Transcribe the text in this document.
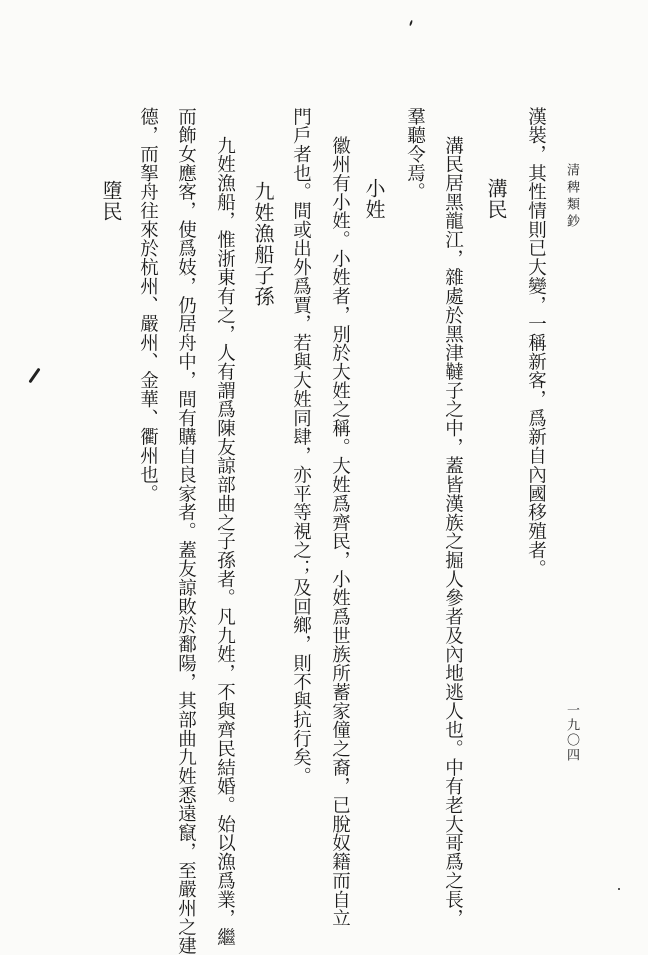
清稗類鈔
一九〇四
漢裝，其性情則已大變，一稱新客，爲新自內國移殖者。
溝民
溝民居黑龍江，雜處於黑津韃子之中，蓋皆漢族之掘人參者及內地逃人也。中有老大哥爲之長，
羣聽令焉。
小姓
徽州有小姓。小姓者，別於大姓之稱。大姓爲齊民，小姓爲世族所蓄家僮之裔，已脫奴籍而自立
門戶者也。間或出外爲賈，若與大姓同肆，亦平等視之；及回鄉，則不與抗行矣。
九姓漁船子孫
九姓漁船，惟浙東有之，人有謂爲陳友諒部曲之子孫者。凡九姓，不與齊民結婚。始以漁爲業，繼
而飾女應客，使爲妓，仍居舟中，間有購自良家者。蓋友諒敗於鄱陽，其部曲九姓悉遠竄，至嚴州之建
德，而挐舟往來於杭州、嚴州、金華、衢州也。
墮民
